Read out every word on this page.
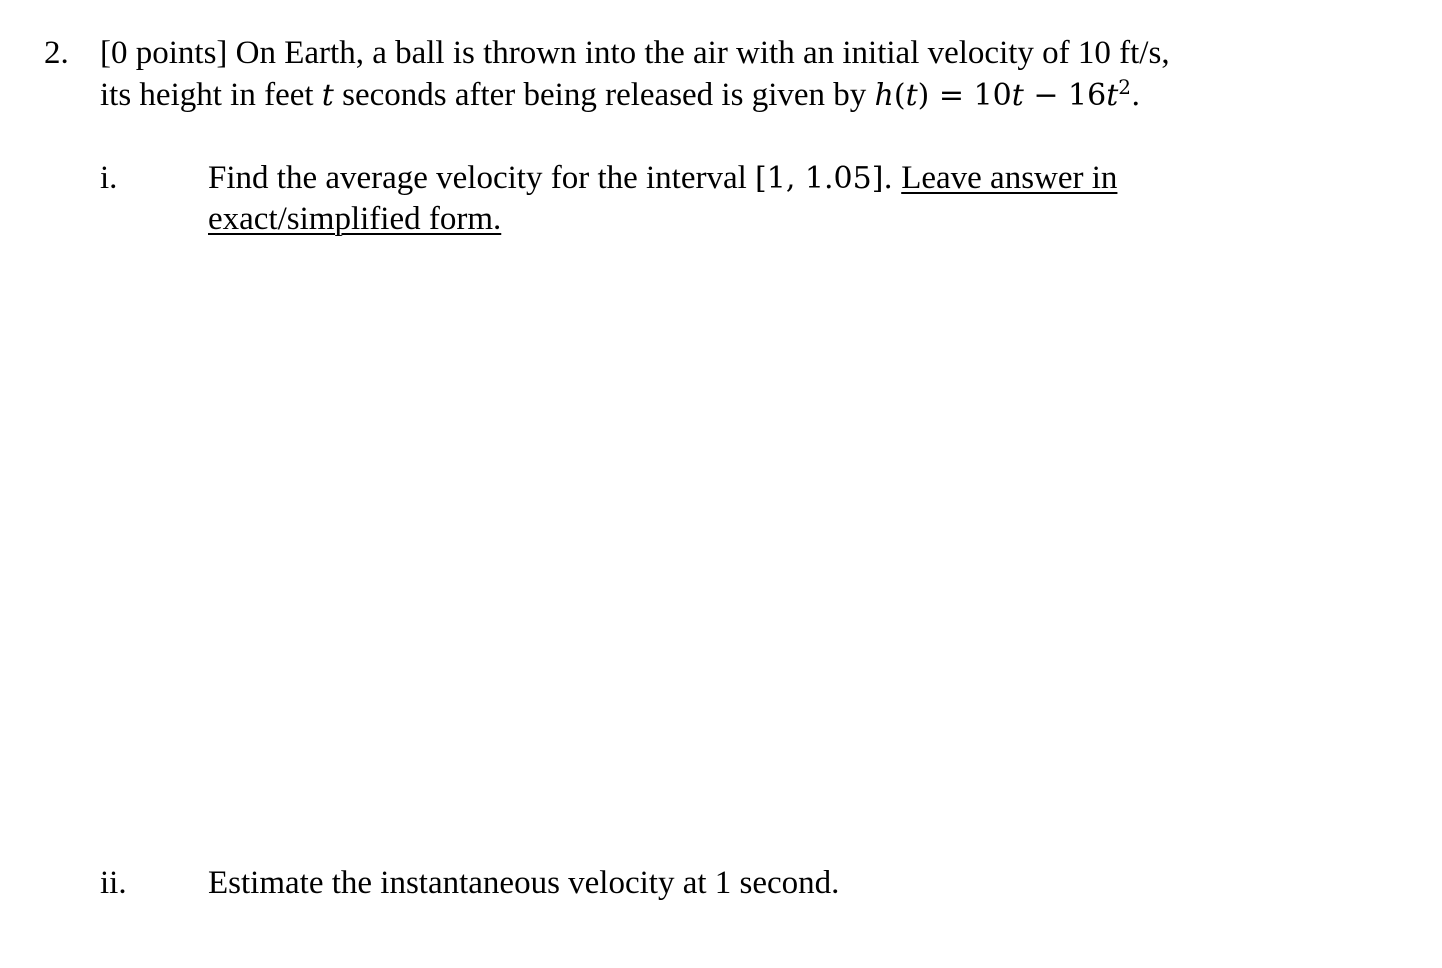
2. [0 points] On Earth, a ball is thrown into the air with an initial velocity of 10 ft/s,
its height in feet t seconds after being released is given by $h(t) = 10t - 16t^2$.
i.	Find the average velocity for the interval [1, 1.05]. Leave answer in
exact/simplified form.
ii. Estimate the instantaneous velocity at 1 second.
